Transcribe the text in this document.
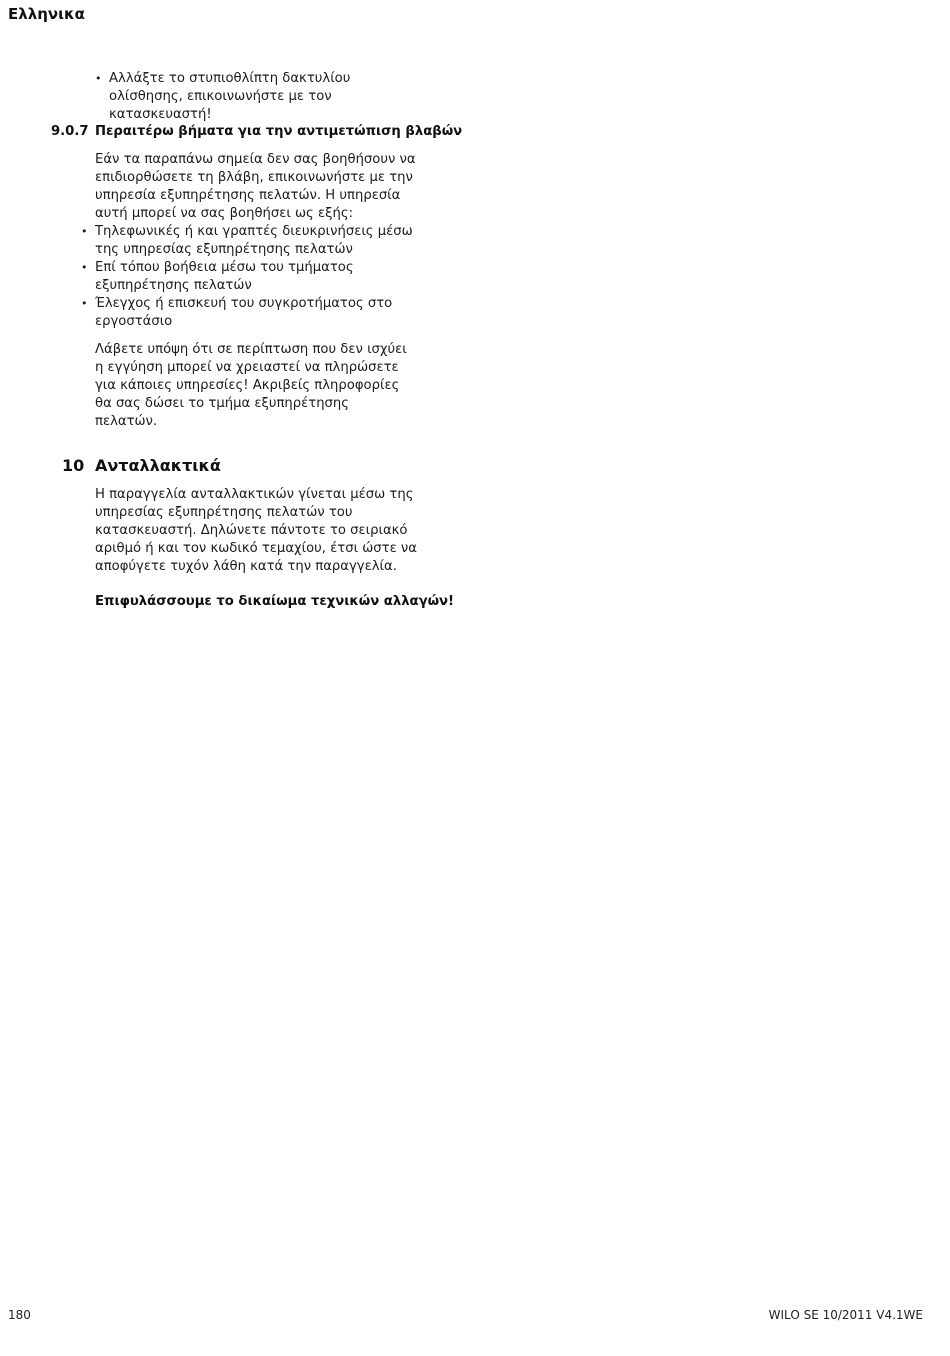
Ελληνικα
• Αλλάξτε το στυπιοθλίπτη δακτυλίου ολίσθησης, επικοινωνήστε με τον κατασκευαστή!
9.0.7 Περαιτέρω βήματα για την αντιμετώπιση βλαβών

Εάν τα παραπάνω σημεία δεν σας βοηθήσουν να επιδιορθώσετε τη βλάβη, επικοινωνήστε με την υπηρεσία εξυπηρέτησης πελατών. Η υπηρεσία αυτή μπορεί να σας βοηθήσει ως εξής:

• Τηλεφωνικές ή και γραπτές διευκρινήσεις μέσω της υπηρεσίας εξυπηρέτησης πελατών
• Επί τόπου βοήθεια μέσω του τμήματος εξυπηρέτησης πελατών
• Έλεγχος ή επισκευή του συγκροτήματος στο εργοστάσιο

Λάβετε υπόψη ότι σε περίπτωση που δεν ισχύει η εγγύηση μπορεί να χρειαστεί να πληρώσετε για κάποιες υπηρεσίες! Ακριβείς πληροφορίες θα σας δώσει το τμήμα εξυπηρέτησης πελατών.

10 Ανταλλακτικά

Η παραγγελία ανταλλακτικών γίνεται μέσω της υπηρεσίας εξυπηρέτησης πελατών του κατασκευαστή. Δηλώνετε πάντοτε το σειριακό αριθμό ή και τον κωδικό τεμαχίου, έτσι ώστε να αποφύγετε τυχόν λάθη κατά την παραγγελία.

Επιφυλάσσουμε το δικαίωμα τεχνικών αλλαγών!
180	WILO SE 10/2011 V4.1WE
